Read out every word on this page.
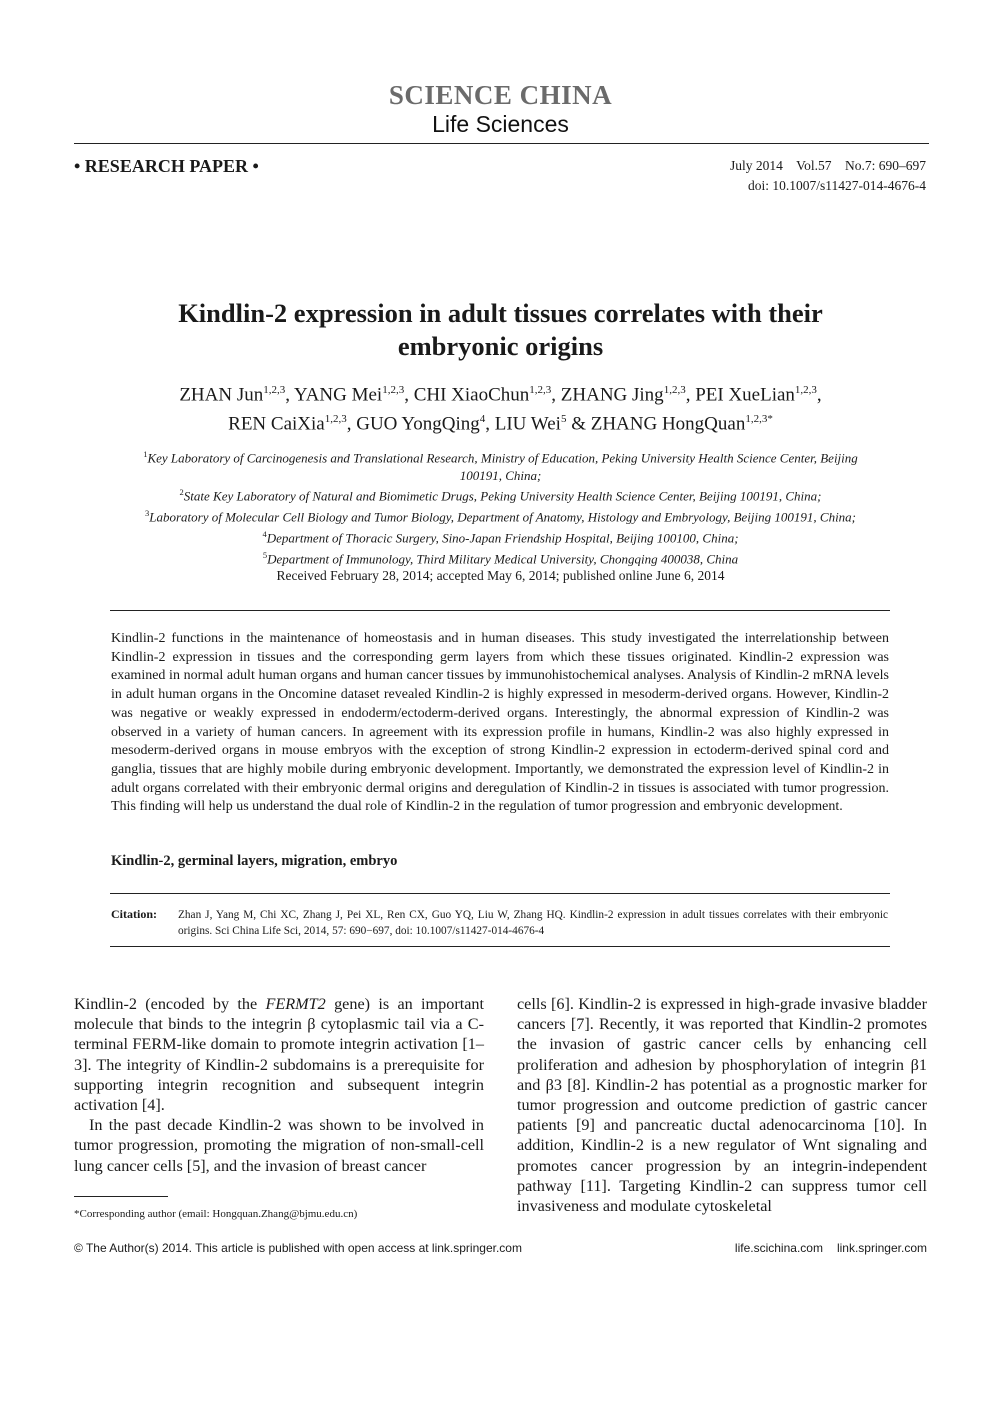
SCIENCE CHINA
Life Sciences
• RESEARCH PAPER •	July 2014    Vol.57    No.7: 690–697
doi: 10.1007/s11427-014-4676-4
Kindlin-2 expression in adult tissues correlates with their
embryonic origins
ZHAN Jun$^{1,2,3}$, YANG Mei$^{1,2,3}$, CHI XiaoChun$^{1,2,3}$, ZHANG Jing$^{1,2,3}$, PEI XueLian$^{1,2,3}$,
REN CaiXia$^{1,2,3}$, GUO YongQing$^4$, LIU Wei$^5$ & ZHANG HongQuan$^{1,2,3*}$
$^1$Key Laboratory of Carcinogenesis and Translational Research, Ministry of Education, Peking University Health Science Center, Beijing
100191, China;
$^2$State Key Laboratory of Natural and Biomimetic Drugs, Peking University Health Science Center, Beijing 100191, China;
$^3$Laboratory of Molecular Cell Biology and Tumor Biology, Department of Anatomy, Histology and Embryology, Beijing 100191, China;
$^4$Department of Thoracic Surgery, Sino-Japan Friendship Hospital, Beijing 100100, China;
$^5$Department of Immunology, Third Military Medical University, Chongqing 400038, China
Received February 28, 2014; accepted May 6, 2014; published online June 6, 2014
Kindlin-2 functions in the maintenance of homeostasis and in human diseases. This study investigated the interrelationship between Kindlin-2 expression in tissues and the corresponding germ layers from which these tissues originated. Kindlin-2 expression was examined in normal adult human organs and human cancer tissues by immunohistochemical analyses. Analysis of Kindlin-2 mRNA levels in adult human organs in the Oncomine dataset revealed Kindlin-2 is highly expressed in mesoderm-derived organs. However, Kindlin-2 was negative or weakly expressed in endoderm/ectoderm-derived organs. Interestingly, the abnormal expression of Kindlin-2 was observed in a variety of human cancers. In agreement with its expression profile in humans, Kindlin-2 was also highly expressed in mesoderm-derived organs in mouse embryos with the exception of strong Kindlin-2 expression in ectoderm-derived spinal cord and ganglia, tissues that are highly mobile during embryonic development. Importantly, we demonstrated the expression level of Kindlin-2 in adult organs correlated with their embryonic dermal origins and deregulation of Kindlin-2 in tissues is associated with tumor progression. This finding will help us understand the dual role of Kindlin-2 in the regulation of tumor progression and embryonic development.
Kindlin-2, germinal layers, migration, embryo
Citation: Zhan J, Yang M, Chi XC, Zhang J, Pei XL, Ren CX, Guo YQ, Liu W, Zhang HQ. Kindlin-2 expression in adult tissues correlates with their embryonic origins. Sci China Life Sci, 2014, 57: 690−697, doi: 10.1007/s11427-014-4676-4

Kindlin-2 (encoded by the FERMT2 gene) is an important molecule that binds to the integrin β cytoplasmic tail via a C-terminal FERM-like domain to promote integrin activation [1–3]. The integrity of Kindlin-2 subdomains is a prerequisite for supporting integrin recognition and subsequent integrin activation [4].

In the past decade Kindlin-2 was shown to be involved in tumor progression, promoting the migration of non-small-cell lung cancer cells [5], and the invasion of breast cancer

cells [6]. Kindlin-2 is expressed in high-grade invasive bladder cancers [7]. Recently, it was reported that Kindlin-2 promotes the invasion of gastric cancer cells by enhancing cell proliferation and adhesion by phosphorylation of integrin β1 and β3 [8]. Kindlin-2 has potential as a prognostic marker for tumor progression and outcome prediction of gastric cancer patients [9] and pancreatic ductal adenocarcinoma [10]. In addition, Kindlin-2 is a new regulator of Wnt signaling and promotes cancer progression by an integrin-independent pathway [11]. Targeting Kindlin-2 can suppress tumor cell invasiveness and modulate cytoskeletal

*Corresponding author (email: Hongquan.Zhang@bjmu.edu.cn)
© The Author(s) 2014. This article is published with open access at link.springer.com	life.scichina.com link.springer.com
